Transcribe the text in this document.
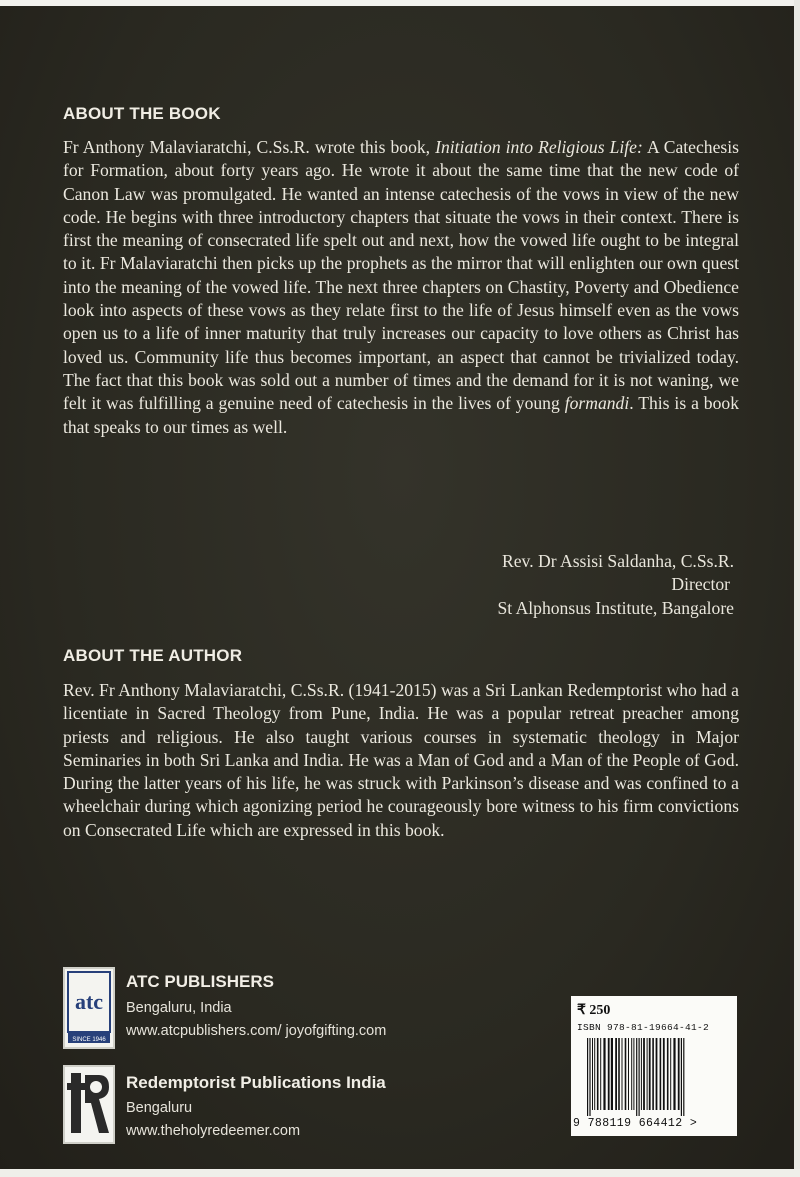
ABOUT THE BOOK
Fr Anthony Malaviaratchi, C.Ss.R. wrote this book, Initiation into Religious Life: A Catechesis for Formation, about forty years ago. He wrote it about the same time that the new code of Canon Law was promulgated. He wanted an intense catechesis of the vows in view of the new code. He begins with three introductory chapters that situate the vows in their context. There is first the meaning of consecrated life spelt out and next, how the vowed life ought to be integral to it. Fr Malaviaratchi then picks up the prophets as the mirror that will enlighten our own quest into the meaning of the vowed life. The next three chapters on Chastity, Poverty and Obedience look into aspects of these vows as they relate first to the life of Jesus himself even as the vows open us to a life of inner maturity that truly increases our capacity to love others as Christ has loved us. Community life thus becomes important, an aspect that cannot be trivialized today. The fact that this book was sold out a number of times and the demand for it is not waning, we felt it was fulfilling a genuine need of catechesis in the lives of young formandi. This is a book that speaks to our times as well.
Rev. Dr Assisi Saldanha, C.Ss.R.
Director
St Alphonsus Institute, Bangalore
ABOUT THE AUTHOR
Rev. Fr Anthony Malaviaratchi, C.Ss.R. (1941-2015) was a Sri Lankan Redemptorist who had a licentiate in Sacred Theology from Pune, India. He was a popular retreat preacher among priests and religious. He also taught various courses in systematic theology in Major Seminaries in both Sri Lanka and India. He was a Man of God and a Man of the People of God. During the latter years of his life, he was struck with Parkinson’s disease and was confined to a wheelchair during which agonizing period he courageously bore witness to his firm convictions on Consecrated Life which are expressed in this book.
atc
SINCE 1946
ATC PUBLISHERS
Bengaluru, India
www.atcpublishers.com/ joyofgifting.com
Redemptorist Publications India
Bengaluru
www.theholyredeemer.com
₹ 250
ISBN 978-81-19664-41-2
9 788119 664412 >
